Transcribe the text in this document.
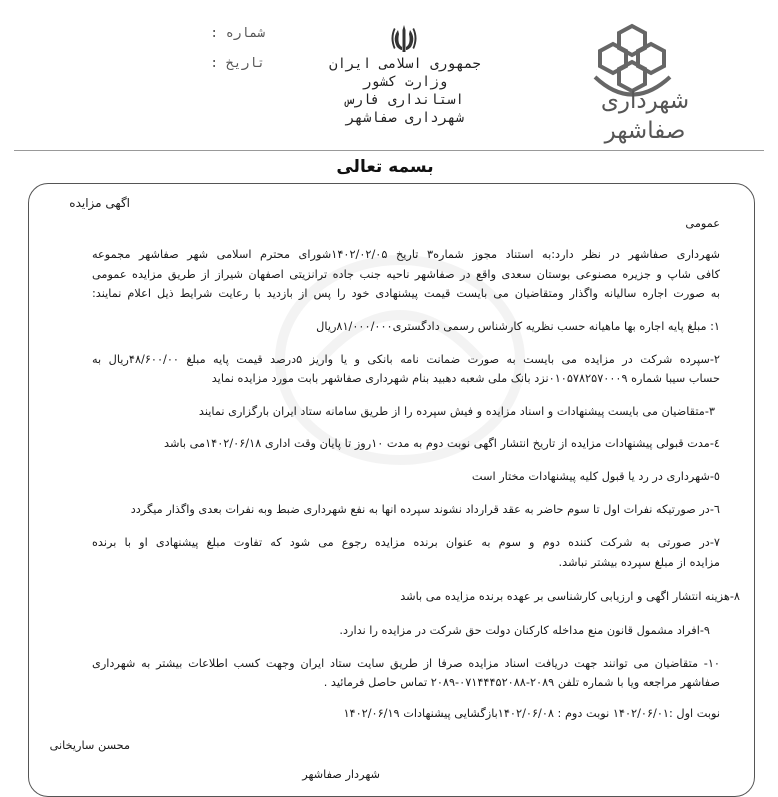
شهرداری
صفاشهر
جمهوری اسلامی ایران
وزارت کشور
استانداری فارس
شهرداری صفاشهر
شماره :
تاریخ :
بسمه تعالی
اگهی مزایده
عمومی
شهرداری صفاشهر در نظر دارد:به استناد مجوز شماره۳ تاریخ ۱۴۰۲/۰۲/۰۵شورای محترم اسلامی شهر صفاشهر مجموعه
کافی شاپ و جزیره مصنوعی بوستان سعدی واقع در صفاشهر ناحیه جنب جاده ترانزیتی اصفهان شیراز از طریق مزایده عمومی
به صورت اجاره سالیانه واگذار ومتقاضیان می بایست قیمت پیشنهادی خود را پس از بازدید با رعایت شرایط ذیل اعلام نمایند:
۱: مبلغ پایه اجاره بها ماهیانه حسب نظریه کارشناس رسمی دادگستری۸۱/۰۰۰/۰۰۰ریال
۲-سپرده شرکت در مزایده می بایست به صورت ضمانت نامه بانکی و یا واریز ۵درصد قیمت پایه مبلغ ۴۸/۶۰۰/۰۰ریال به
حساب سیبا شماره ۰۱۰۵۷۸۲۵۷۰۰۰۹نزد بانک ملی شعبه دهبید بنام شهرداری صفاشهر بابت مورد مزایده نماید
۳-متقاضیان می بایست پیشنهادات و اسناد مزایده و فیش سپرده را از طریق سامانه ستاد ایران بارگزاری نمایند
٤-مدت قبولی پیشنهادات مزایده از تاریخ انتشار اگهی نوبت دوم به مدت ۱۰روز تا پایان وقت اداری ۱۴۰۲/۰۶/۱۸می باشد
٥-شهرداری در رد یا قبول کلیه پیشنهادات مختار است
٦-در صورتیکه نفرات اول تا سوم حاضر به عقد قرارداد نشوند سپرده انها به نفع شهرداری ضبط وبه نفرات بعدی واگذار میگردد
۷-در صورتی به شرکت کننده دوم و سوم به عنوان برنده مزایده رجوع می شود که تفاوت مبلغ پیشنهادی او با برنده
مزایده از مبلغ سپرده بیشتر نباشد.
۸-هزینه انتشار اگهی و ارزیابی کارشناسی بر عهده برنده مزایده می باشد
۹-افراد مشمول قانون منع مداخله کارکنان دولت حق شرکت در مزایده را ندارد.
۱۰- متقاضیان می توانند جهت دریافت اسناد مزایده صرفا از طریق سایت ستاد ایران وجهت کسب اطلاعات بیشتر به شهرداری
صفاشهر مراجعه ویا با شماره تلفن ۲۰۸۹-۰۷۱۴۴۴۵۲۰۸۸-۲۰۸۹ تماس حاصل فرمائید .
نوبت اول :۱۴۰۲/۰۶/۰۱ نوبت دوم : ۱۴۰۲/۰۶/۰۸بازگشایی پیشنهادات ۱۴۰۲/۰۶/۱۹
محسن ساریخانی
شهردار صفاشهر
